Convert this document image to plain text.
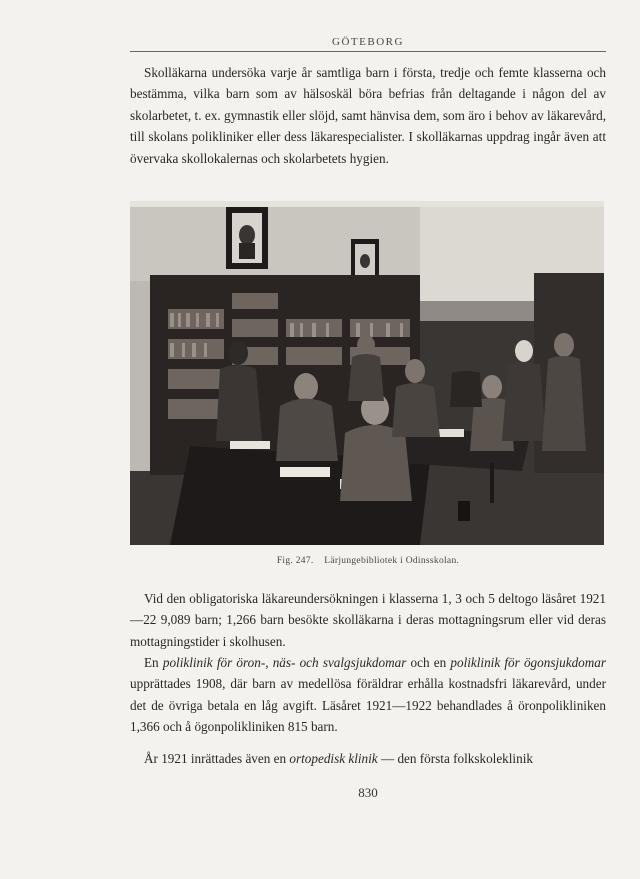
GÖTEBORG

Skolläkarna undersöka varje år samtliga barn i första, tredje och femte klasserna och bestämma, vilka barn som av hälsoskäl böra befrias från deltagande i någon del av skolarbetet, t. ex. gymnastik eller slöjd, samt hänvisa dem, som äro i behov av läkarevård, till skolans polikliniker eller dess läkarespecialister. I skolläkarnas uppdrag ingår även att övervaka skollokalernas och skolarbetets hygien.

Fig. 247. Lärjungebibliotek i Odinsskolan.

Vid den obligatoriska läkareundersökningen i klasserna 1, 3 och 5 deltogo läsåret 1921—22 9,089 barn; 1,266 barn besökte skolläkarna i deras mottagningsrum eller vid deras mottagningstider i skolhusen.

En poliklinik för öron-, näs- och svalgsjukdomar och en poliklinik för ögonsjukdomar upprättades 1908, där barn av medellösa föräldrar erhålla kostnadsfri läkarevård, under det de övriga betala en låg avgift. Läsåret 1921—1922 behandlades å öronpolikliniken 1,366 och å ögonpolikliniken 815 barn.

År 1921 inrättades även en ortopedisk klinik — den första folkskoleklinik

830
